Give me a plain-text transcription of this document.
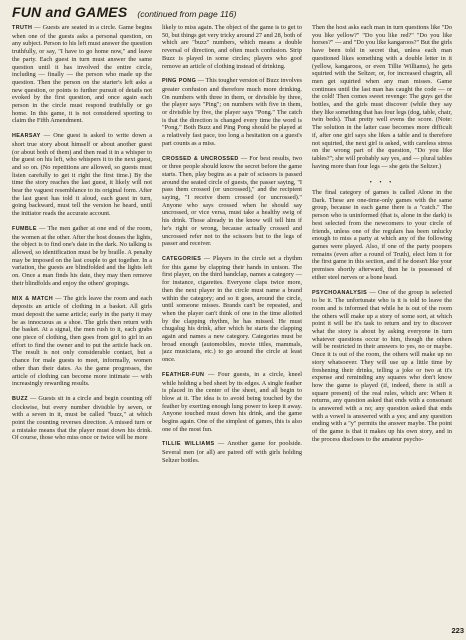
FUN and GAMES (continued from page 116)

TRUTH — Guests are seated in a circle. Game begins when one of the guests asks a personal question, on any subject. Person to his left must answer the question truthfully, or say, "I have to go home now," and leave the party. Each guest in turn must answer the same question until it has involved the entire circle, including — finally — the person who made up the question. Then the person on the starter's left asks a new question, or points to further pursuit of details not evoked by the first question, and once again each person in the circle must respond truthfully or go home. In this game, it is not considered sporting to claim the Fifth Amendment.

HEARSAY — One guest is asked to write down a short true story about himself or about another guest (or about both of them) and then read it in a whisper to the guest on his left, who whispers it to the next guest, and so on. (No repetitions are allowed, so guests must listen carefully to get it right the first time.) By the time the story reaches the last guest, it likely will not bear the vaguest resemblance to its original form. After the last guest has told it aloud, each guest in turn, going backward, must tell the version he heard, until the initiator reads the accurate account.

FUMBLE — The men gather at one end of the room, the women at the other. After the host douses the lights, the object is to find one's date in the dark. No talking is allowed, so identification must be by braille. A penalty may be imposed on the last couple to get together. In a variation, the guests are blindfolded and the lights left on. Once a man finds his date, they may then remove their blindfolds and enjoy the others' gropings.

MIX & MATCH — The girls leave the room and each deposits an article of clothing in a basket. All girls must deposit the same article; early in the party it may be as innocuous as a shoe. The girls then return with the basket. At a signal, the men rush to it, each grabs one piece of clothing, then goes from girl to girl in an effort to find the owner and to put the article back on. The result is not only considerable contact, but a chance for male guests to meet, informally, women other than their dates. As the game progresses, the article of clothing can become more intimate — with increasingly rewarding results.

BUZZ — Guests sit in a circle and begin counting off clockwise, but every number divisible by seven, or with a seven in it, must be called "buzz," at which point the counting reverses direction. A missed turn or a mistake means that the player must down his drink. Of course, those who miss once or twice will be more

likely to miss again. The object of the game is to get to 50, but things get very tricky around 27 and 28, both of which are "buzz" numbers, which means a double reversal of direction, and often much confusion. Strip Buzz is played in some circles; players who goof remove an article of clothing instead of drinking.

PING PONG — This tougher version of Buzz involves greater confusion and therefore much more drinking. On numbers with three in them, or divisible by three, the player says "Ping"; on numbers with five in them, or divisible by five, the player says "Pong." The catch is that the direction is changed every time the word is "Pong." Both Buzz and Ping Pong should be played at a relatively fast pace, too long a hesitation on a guest's part counts as a miss.

CROSSED & UNCROSSED — For best results, two or three people should know the secret before the game starts. Then, play begins as a pair of scissors is passed around the seated circle of guests, the passer saying, "I pass them crossed (or uncrossed)," and the recipient saying, "I receive them crossed (or uncrossed)." Anyone who says crossed when he should say uncrossed, or vice versa, must take a healthy swig of his drink. Those already in the know will tell him if he's right or wrong, because actually crossed and uncrossed refer not to the scissors but to the legs of passer and receiver.

CATEGORIES — Players in the circle set a rhythm for this game by clapping their hands in unison. The first player, on the third handclap, names a category — for instance, cigarettes. Everyone claps twice more, then the next player in the circle must name a brand within the category; and so it goes, around the circle, until someone misses. Brands can't be repeated, and when the player can't think of one in the time allotted by the clapping rhythm, he has missed. He must chugalug his drink, after which he starts the clapping again and names a new category. Categories must be broad enough (automobiles, movie titles, mammals, jazz musicians, etc.) to go around the circle at least once.

FEATHER-FUN — Four guests, in a circle, kneel while holding a bed sheet by its edges. A single feather is placed in the center of the sheet, and all begin to blow at it. The idea is to avoid being touched by the feather by exerting enough lung power to keep it away. Anyone touched must down his drink, and the game begins again. One of the simplest of games, this is also one of the most fun.

TILLIE WILLIAMS — Another game for poolside. Several men (or all) are paired off with girls holding Seltzer bottles.

Then the host asks each man in turn questions like "Do you like yellow?" "Do you like red?" "Do you like horses?" — and "Do you like kangaroos?" But the girls have been told in secret that, unless each man questioned likes something with a double letter in it (yellow, kangaroos, or even Tillie Williams), he gets squirted with the Seltzer, or, for increased chagrin, all men get squirted when any man misses. Game continues until the last man has caught the code — or the cold! Then comes sweet revenge: The guys get the bottles, and the girls must discover (while they say they like something that has four legs (dog, table, chair, twin beds). That pretty well evens the score. (Note: The solution in the latter case becomes more difficult if, after one girl says she likes a table and is therefore not squirted, the next girl is asked, with careless stress on the wrong part of the question, "Do you like tables?"; she will probably say yes, and — plural tables having more than four legs — she gets the Seltzer.)

• • •

The final category of games is called Alone in the Dark. These are one-time-only games with the same group, because in each game there is a "catch." The person who is uninformed (that is, alone in the dark) is best selected from the newcomers to your circle of friends, unless one of the regulars has been unlucky enough to miss a party at which any of the following games were played. Also, if one of the party poopers remains (even after a round of Truth), elect him it for the first game in this section, and if he doesn't like your premises shortly afterward, then he is possessed of either steel nerves or a bone head.

PSYCHOANALYSIS — One of the group is selected to be it. The unfortunate who is it is told to leave the room and is informed that while he is out of the room the others will make up a story of some sort, at which point it will be it's task to return and try to discover what the story is about by asking everyone in turn whatever questions occur to him, though the others will be restricted in their answers to yes, no or maybe. Once it is out of the room, the others will make up no story whatsoever. They will use up a little time by freshening their drinks, telling a joke or two at it's expense and reminding any squares who don't know how the game is played (if, indeed, there is still a square present) of the real rules, which are: When it returns, any question asked that ends with a consonant is answered with a no; any question asked that ends with a vowel is answered with a yes; and any question ending with a "y" permits the answer maybe. The point of the game is that it makes up his own story, and in the process discloses to the amateur psycho-

223
